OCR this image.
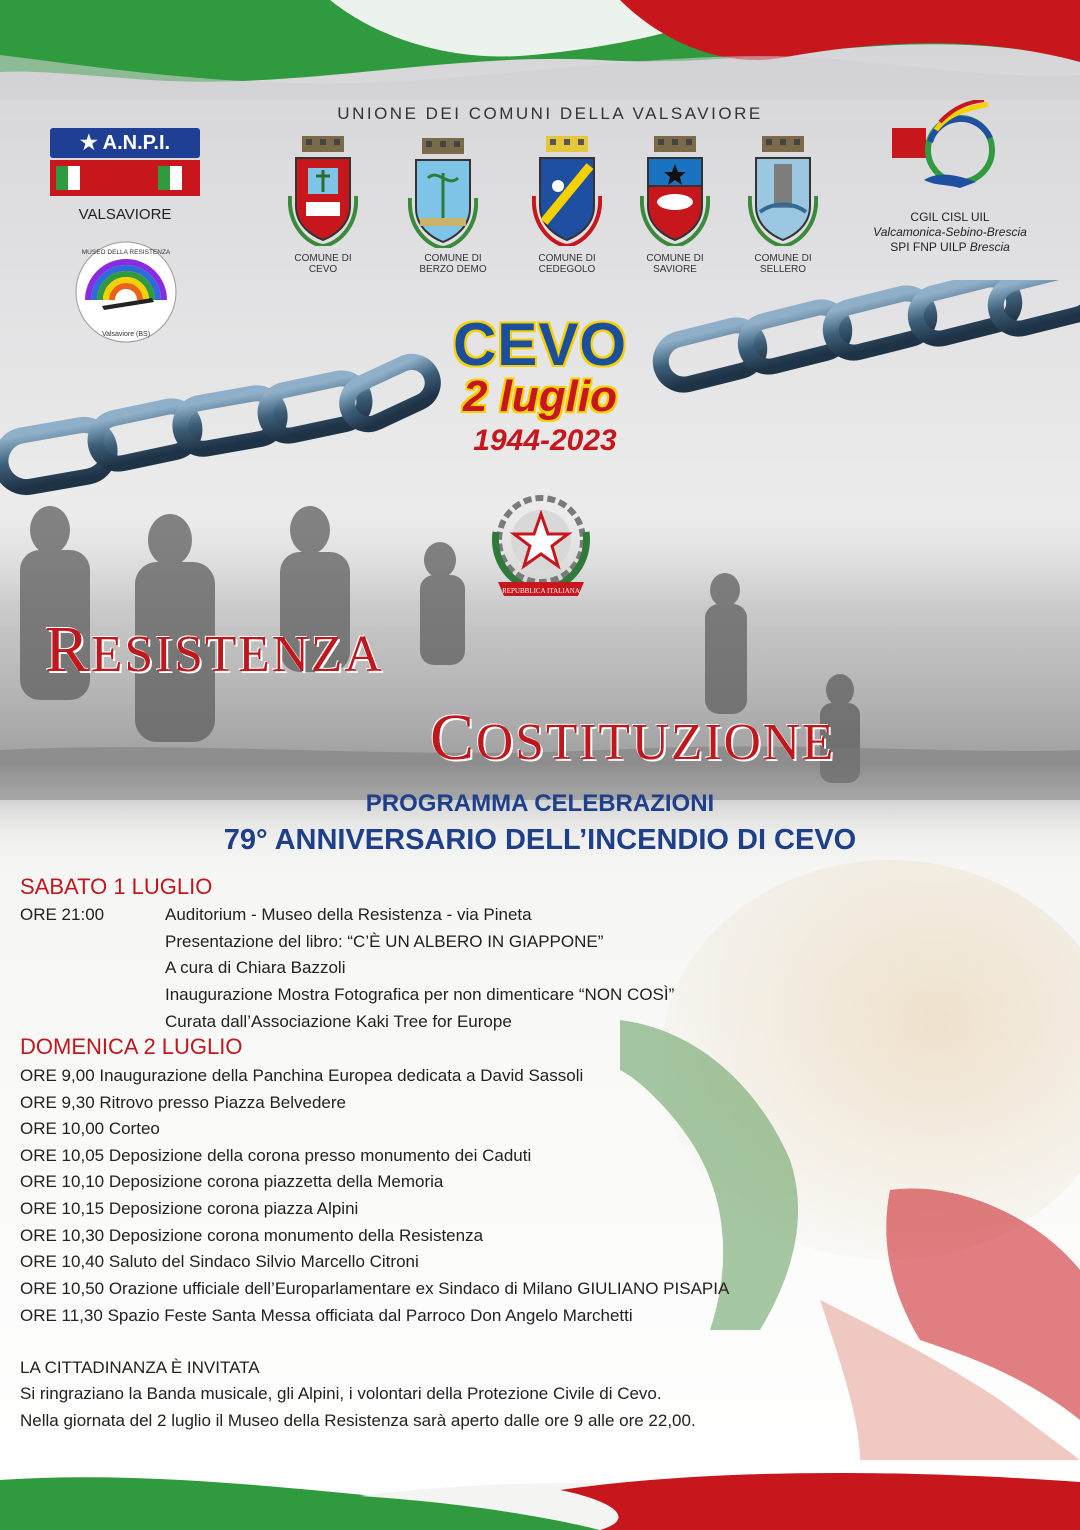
UNIONE DEI COMUNI DELLA VALSAVIORE
COMUNE DI
CEVO
COMUNE DI
BERZO DEMO
COMUNE DI
CEDEGOLO
COMUNE DI
SAVIORE
COMUNE DI
SELLERO
★ A.N.P.I.
VALSAVIORE
MUSEO DELLA RESISTENZA
Valsaviore (BS)
CGIL CISL UIL
Valcamonica-Sebino-Brescia
SPI FNP UILP Brescia
CEVO
2 luglio
1944-2023
REPUBBLICA ITALIANA
RESISTENZA
COSTITUZIONE
PROGRAMMA CELEBRAZIONI
79° ANNIVERSARIO DELL’INCENDIO DI CEVO
SABATO 1 LUGLIO
ORE 21:00	Auditorium - Museo della Resistenza - via Pineta
Presentazione del libro: “C’È UN ALBERO IN GIAPPONE”
A cura di Chiara Bazzoli
Inaugurazione Mostra Fotografica per non dimenticare “NON COSÌ”
Curata dall’Associazione Kaki Tree for Europe
DOMENICA 2 LUGLIO
ORE 9,00 Inaugurazione della Panchina Europea dedicata a David Sassoli
ORE 9,30 Ritrovo presso Piazza Belvedere
ORE 10,00 Corteo
ORE 10,05 Deposizione della corona presso monumento dei Caduti
ORE 10,10 Deposizione corona piazzetta della Memoria
ORE 10,15 Deposizione corona piazza Alpini
ORE 10,30 Deposizione corona monumento della Resistenza
ORE 10,40 Saluto del Sindaco Silvio Marcello Citroni
ORE 10,50 Orazione ufficiale dell’Europarlamentare ex Sindaco di Milano GIULIANO PISAPIA
ORE 11,30 Spazio Feste Santa Messa officiata dal Parroco Don Angelo Marchetti
LA CITTADINANZA È INVITATA
Si ringraziano la Banda musicale, gli Alpini, i volontari della Protezione Civile di Cevo.
Nella giornata del 2 luglio il Museo della Resistenza sarà aperto dalle ore 9 alle ore 22,00.
